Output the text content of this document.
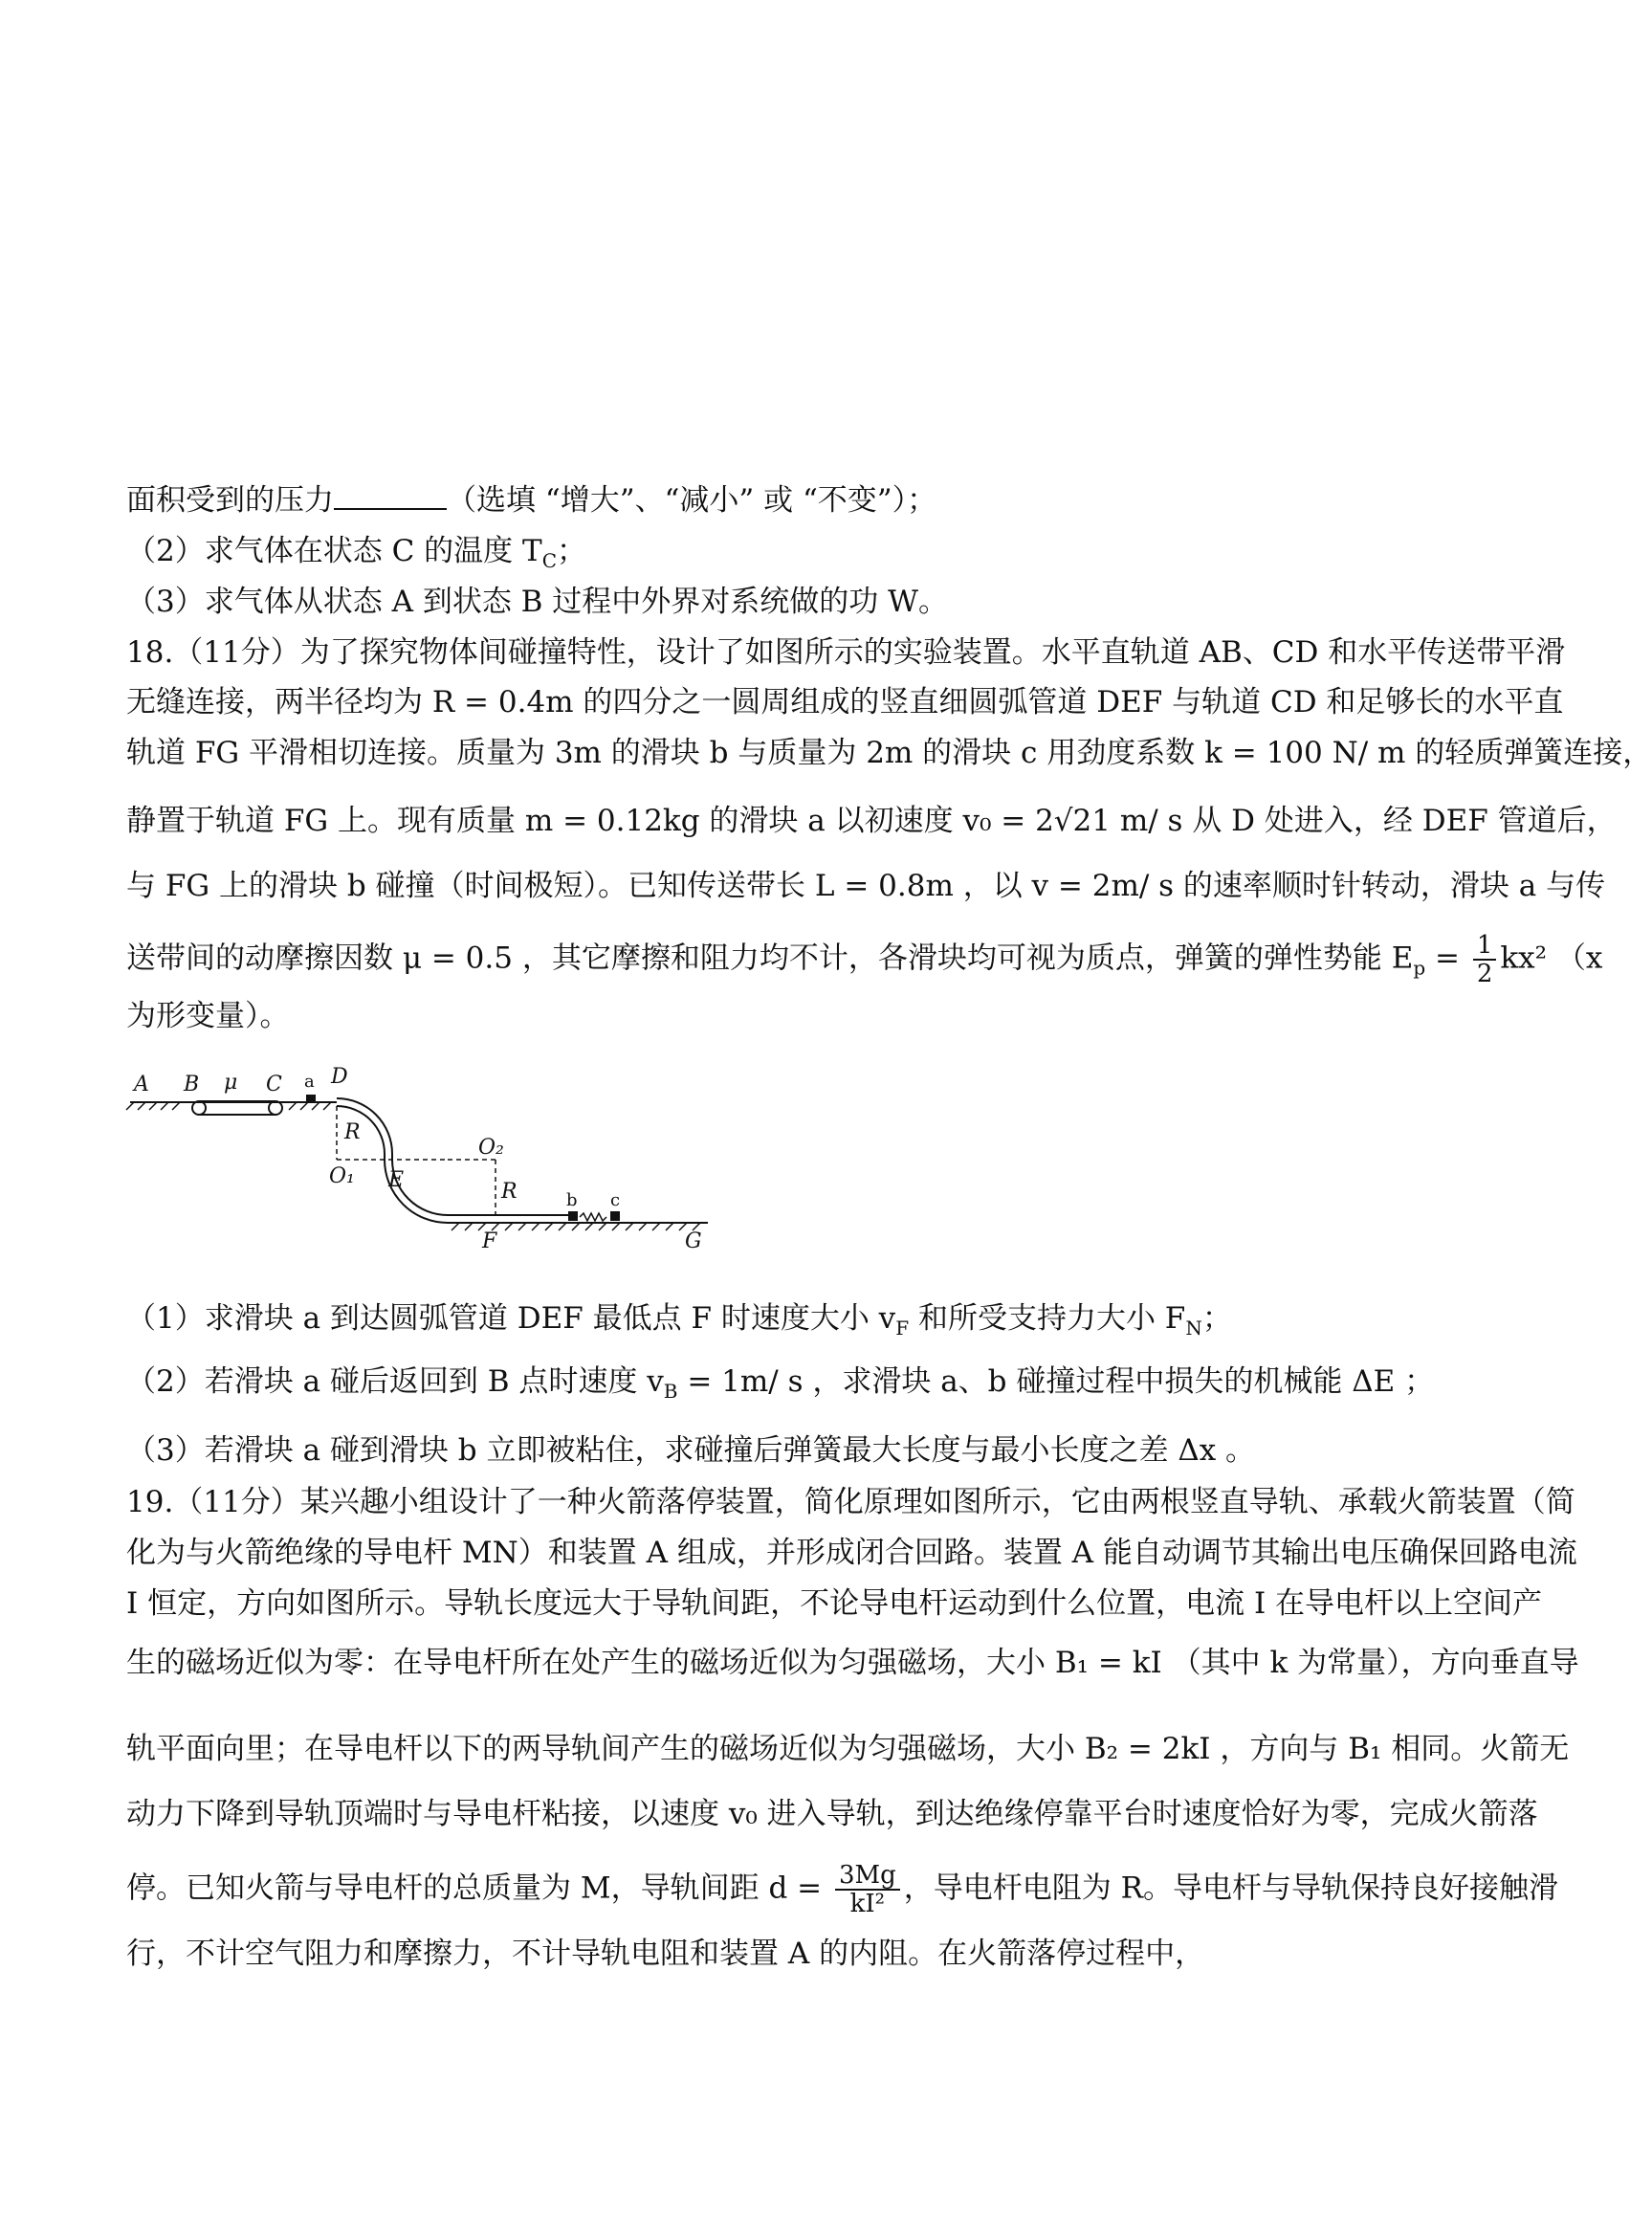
面积受到的压力	（选填 “增大”、“减小” 或 “不变”）；
（2）求气体在状态 C 的温度 $T_C$；
（3）求气体从状态 A 到状态 B 过程中外界对系统做的功 W。
18.（11分）为了探究物体间碰撞特性，设计了如图所示的实验装置。水平直轨道 AB、CD 和水平传送带平滑
无缝连接，两半径均为 R = 0.4m 的四分之一圆周组成的竖直细圆弧管道 DEF 与轨道 CD 和足够长的水平直
轨道 FG 平滑相切连接。质量为 3m 的滑块 b 与质量为 2m 的滑块 c 用劲度系数 k = 100 N/ m 的轻质弹簧连接，
静置于轨道 FG 上。现有质量 m = 0.12kg 的滑块 a 以初速度 v₀ = 2√21 m/ s 从 D 处进入，经 DEF 管道后，
与 FG 上的滑块 b 碰撞（时间极短）。已知传送带长 L = 0.8m ，以 v = 2m/ s 的速率顺时针转动，滑块 a 与传
送带间的动摩擦因数 μ = 0.5 ，其它摩擦和阻力均不计，各滑块均可视为质点，弹簧的弹性势能 $E_p = \frac{1}{2} kx^2$ （x
为形变量）。
A B μ C a D
R
O₁ E
O₂
R	b c
F	G
（1）求滑块 a 到达圆弧管道 DEF 最低点 F 时速度大小 $v_F$ 和所受支持力大小 $F_N$；
（2）若滑块 a 碰后返回到 B 点时速度 $v_B = 1m/$ s ，求滑块 a、b 碰撞过程中损失的机械能 ΔE ；
（3）若滑块 a 碰到滑块 b 立即被粘住，求碰撞后弹簧最大长度与最小长度之差 Δx 。
19.（11分）某兴趣小组设计了一种火箭落停装置，简化原理如图所示，它由两根竖直导轨、承载火箭装置（简
化为与火箭绝缘的导电杆 MN）和装置 A 组成，并形成闭合回路。装置 A 能自动调节其输出电压确保回路电流
I 恒定，方向如图所示。导轨长度远大于导轨间距，不论导电杆运动到什么位置，电流 I 在导电杆以上空间产
生的磁场近似为零：在导电杆所在处产生的磁场近似为匀强磁场，大小 B₁ = kI （其中 k 为常量），方向垂直导
轨平面向里；在导电杆以下的两导轨间产生的磁场近似为匀强磁场，大小 B₂ = 2kI ，方向与 B₁ 相同。火箭无
动力下降到导轨顶端时与导电杆粘接，以速度 v₀ 进入导轨，到达绝缘停靠平台时速度恰好为零，完成火箭落
停。已知火箭与导电杆的总质量为 M，导轨间距 $d = \frac{3Mg}{\text{kI²}}$ ，导电杆电阻为 R。导电杆与导轨保持良好接触滑
行，不计空气阻力和摩擦力，不计导轨电阻和装置 A 的内阻。在火箭落停过程中，
